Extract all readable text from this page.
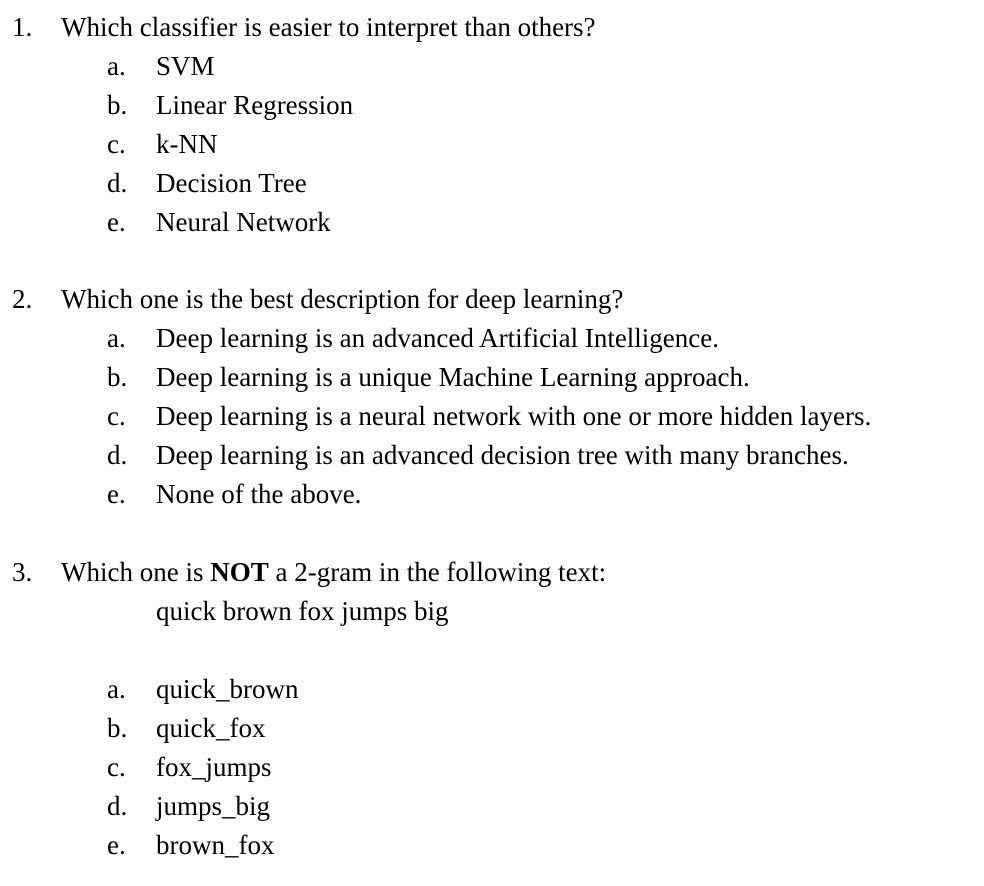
1. Which classifier is easier to interpret than others?
a. SVM
b. Linear Regression
c. k-NN
d. Decision Tree
e. Neural Network
2. Which one is the best description for deep learning?
a. Deep learning is an advanced Artificial Intelligence.
b. Deep learning is a unique Machine Learning approach.
c. Deep learning is a neural network with one or more hidden layers.
d. Deep learning is an advanced decision tree with many branches.
e. None of the above.
3. Which one is NOT a 2-gram in the following text:
quick brown fox jumps big
a. quick_brown
b. quick_fox
c. fox_jumps
d. jumps_big
e. brown_fox
